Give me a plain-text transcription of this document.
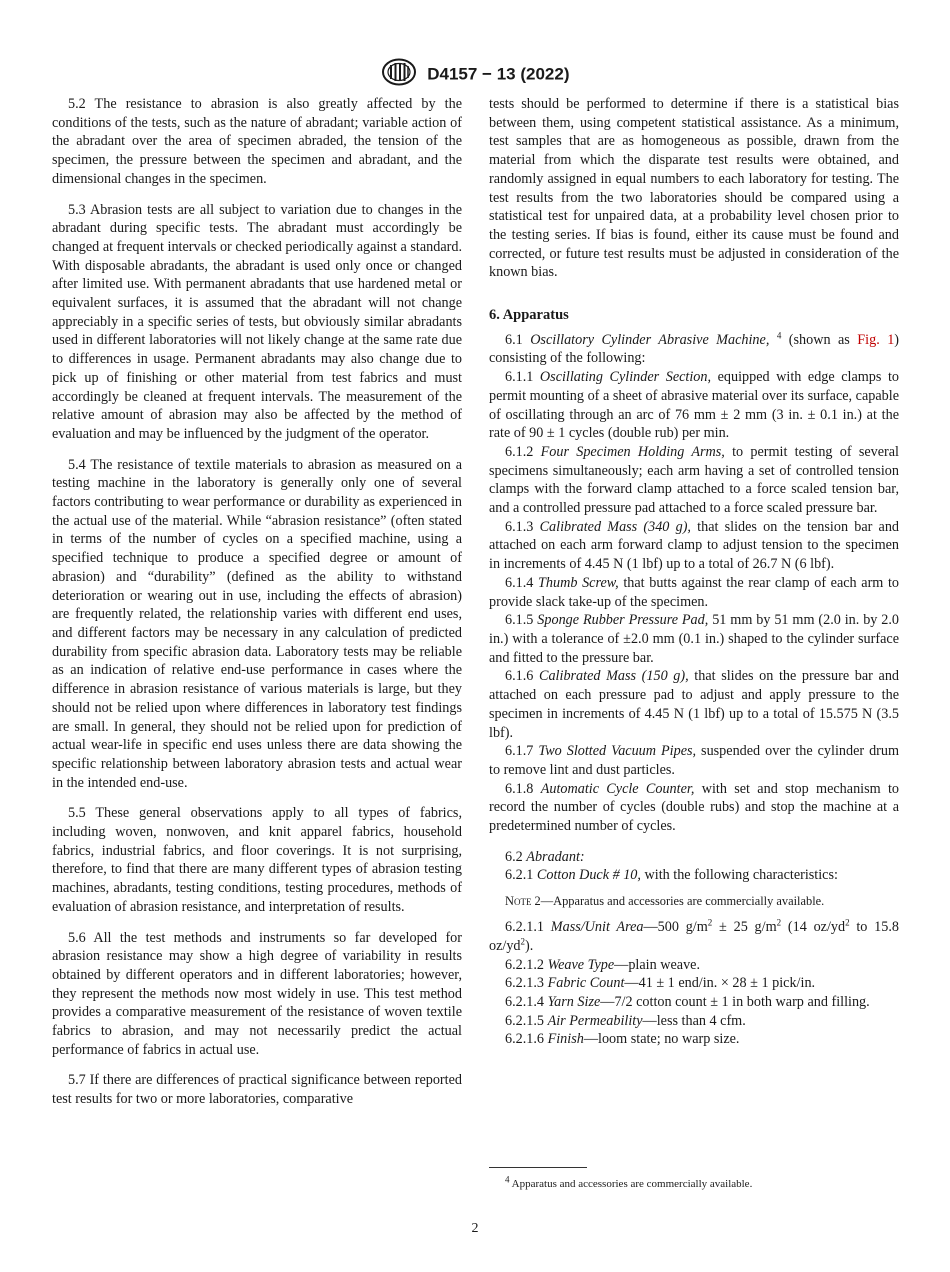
D4157 − 13 (2022)

5.2 The resistance to abrasion is also greatly affected by the conditions of the tests, such as the nature of abradant; variable action of the abradant over the area of specimen abraded, the tension of the specimen, the pressure between the specimen and abradant, and the dimensional changes in the specimen.

5.3 Abrasion tests are all subject to variation due to changes in the abradant during specific tests. The abradant must accordingly be changed at frequent intervals or checked periodically against a standard. With disposable abradants, the abradant is used only once or changed after limited use. With permanent abradants that use hardened metal or equivalent surfaces, it is assumed that the abradant will not change appreciably in a specific series of tests, but obviously similar abradants used in different laboratories will not likely change at the same rate due to differences in usage. Permanent abradants may also change due to pick up of finishing or other material from test fabrics and must accordingly be cleaned at frequent intervals. The measurement of the relative amount of abrasion may also be affected by the method of evaluation and may be influenced by the judgment of the operator.

5.4 The resistance of textile materials to abrasion as measured on a testing machine in the laboratory is generally only one of several factors contributing to wear performance or durability as experienced in the actual use of the material. While “abrasion resistance” (often stated in terms of the number of cycles on a specified machine, using a specified technique to produce a specified degree or amount of abrasion) and “durability” (defined as the ability to withstand deterioration or wearing out in use, including the effects of abrasion) are frequently related, the relationship varies with different end uses, and different factors may be necessary in any calculation of predicted durability from specific abrasion data. Laboratory tests may be reliable as an indication of relative end-use performance in cases where the difference in abrasion resistance of various materials is large, but they should not be relied upon where differences in laboratory test findings are small. In general, they should not be relied upon for prediction of actual wear-life in specific end uses unless there are data showing the specific relationship between laboratory abrasion tests and actual wear in the intended end-use.

5.5 These general observations apply to all types of fabrics, including woven, nonwoven, and knit apparel fabrics, household fabrics, industrial fabrics, and floor coverings. It is not surprising, therefore, to find that there are many different types of abrasion testing machines, abradants, testing conditions, testing procedures, methods of evaluation of abrasion resistance, and interpretation of results.

5.6 All the test methods and instruments so far developed for abrasion resistance may show a high degree of variability in results obtained by different operators and in different laboratories; however, they represent the methods now most widely in use. This test method provides a comparative measurement of the resistance of woven textile fabrics to abrasion, and may not necessarily predict the actual performance of fabrics in actual use.

5.7 If there are differences of practical significance between reported test results for two or more laboratories, comparative

tests should be performed to determine if there is a statistical bias between them, using competent statistical assistance. As a minimum, test samples that are as homogeneous as possible, drawn from the material from which the disparate test results were obtained, and randomly assigned in equal numbers to each laboratory for testing. The test results from the two laboratories should be compared using a statistical test for unpaired data, at a probability level chosen prior to the testing series. If bias is found, either its cause must be found and corrected, or future test results must be adjusted in consideration of the known bias.

6. Apparatus

6.1 Oscillatory Cylinder Abrasive Machine, $^4$ (shown as Fig. 1) consisting of the following:

6.1.1 Oscillating Cylinder Section, equipped with edge clamps to permit mounting of a sheet of abrasive material over its surface, capable of oscillating through an arc of 76 mm ± 2 mm (3 in. ± 0.1 in.) at the rate of 90 ± 1 cycles (double rub) per min.

6.1.2 Four Specimen Holding Arms, to permit testing of several specimens simultaneously; each arm having a set of controlled tension clamps with the forward clamp attached to a force scaled tension bar, and a controlled pressure pad attached to a force scaled pressure bar.

6.1.3 Calibrated Mass (340 g), that slides on the tension bar and attached on each arm forward clamp to adjust tension to the specimen in increments of 4.45 N (1 lbf) up to a total of 26.7 N (6 lbf).

6.1.4 Thumb Screw, that butts against the rear clamp of each arm to provide slack take-up of the specimen.

6.1.5 Sponge Rubber Pressure Pad, 51 mm by 51 mm (2.0 in. by 2.0 in.) with a tolerance of ±2.0 mm (0.1 in.) shaped to the cylinder surface and fitted to the pressure bar.

6.1.6 Calibrated Mass (150 g), that slides on the pressure bar and attached on each pressure pad to adjust and apply pressure to the specimen in increments of 4.45 N (1 lbf) up to a total of 15.575 N (3.5 lbf).

6.1.7 Two Slotted Vacuum Pipes, suspended over the cylinder drum to remove lint and dust particles.

6.1.8 Automatic Cycle Counter, with set and stop mechanism to record the number of cycles (double rubs) and stop the machine at a predetermined number of cycles.

6.2 Abradant:

6.2.1 Cotton Duck # 10, with the following characteristics:

Note 2—Apparatus and accessories are commercially available.

6.2.1.1 Mass/Unit Area—500 $g/m^2 \pm 25$ $g/m^2$ (14 $oz/yd^2$ to 15.8 $oz/yd^2$).

6.2.1.2 Weave Type—plain weave.

6.2.1.3 Fabric Count—41 ± 1 end/in. × 28 ± 1 pick/in.

6.2.1.4 Yarn Size—7/2 cotton count ± 1 in both warp and filling.

6.2.1.5 Air Permeability—less than 4 cfm.

6.2.1.6 Finish—loom state; no warp size.

$^4$ Apparatus and accessories are commercially available.
2
